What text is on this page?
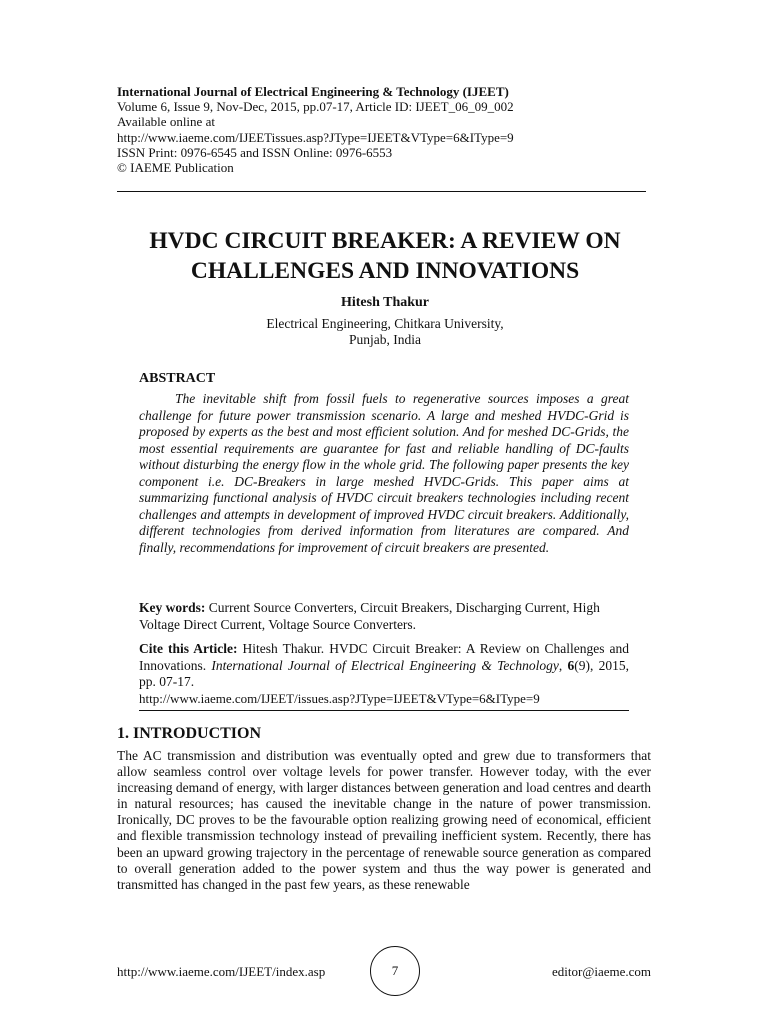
International Journal of Electrical Engineering & Technology (IJEET)
Volume 6, Issue 9, Nov-Dec, 2015, pp.07-17, Article ID: IJEET_06_09_002
Available online at
http://www.iaeme.com/IJEETissues.asp?JType=IJEET&VType=6&IType=9
ISSN Print: 0976-6545 and ISSN Online: 0976-6553
© IAEME Publication
HVDC CIRCUIT BREAKER: A REVIEW ON
CHALLENGES AND INNOVATIONS
Hitesh Thakur
Electrical Engineering, Chitkara University,
Punjab, India
ABSTRACT

The inevitable shift from fossil fuels to regenerative sources imposes a great challenge for future power transmission scenario. A large and meshed HVDC-Grid is proposed by experts as the best and most efficient solution. And for meshed DC-Grids, the most essential requirements are guarantee for fast and reliable handling of DC-faults without disturbing the energy flow in the whole grid. The following paper presents the key component i.e. DC-Breakers in large meshed HVDC-Grids. This paper aims at summarizing functional analysis of HVDC circuit breakers technologies including recent challenges and attempts in development of improved HVDC circuit breakers. Additionally, different technologies from derived information from literatures are compared. And finally, recommendations for improvement of circuit breakers are presented.

Key words: Current Source Converters, Circuit Breakers, Discharging Current, High Voltage Direct Current, Voltage Source Converters.

Cite this Article: Hitesh Thakur. HVDC Circuit Breaker: A Review on Challenges and Innovations. International Journal of Electrical Engineering & Technology, 6(9), 2015, pp. 07-17.

http://www.iaeme.com/IJEET/issues.asp?JType=IJEET&VType=6&IType=9
1. INTRODUCTION

The AC transmission and distribution was eventually opted and grew due to transformers that allow seamless control over voltage levels for power transfer. However today, with the ever increasing demand of energy, with larger distances between generation and load centres and dearth in natural resources; has caused the inevitable change in the nature of power transmission. Ironically, DC proves to be the favourable option realizing growing need of economical, efficient and flexible transmission technology instead of prevailing inefficient system. Recently, there has been an upward growing trajectory in the percentage of renewable source generation as compared to overall generation added to the power system and thus the way power is generated and transmitted has changed in the past few years, as these renewable

http://www.iaeme.com/IJEET/index.asp	7	editor@iaeme.com
